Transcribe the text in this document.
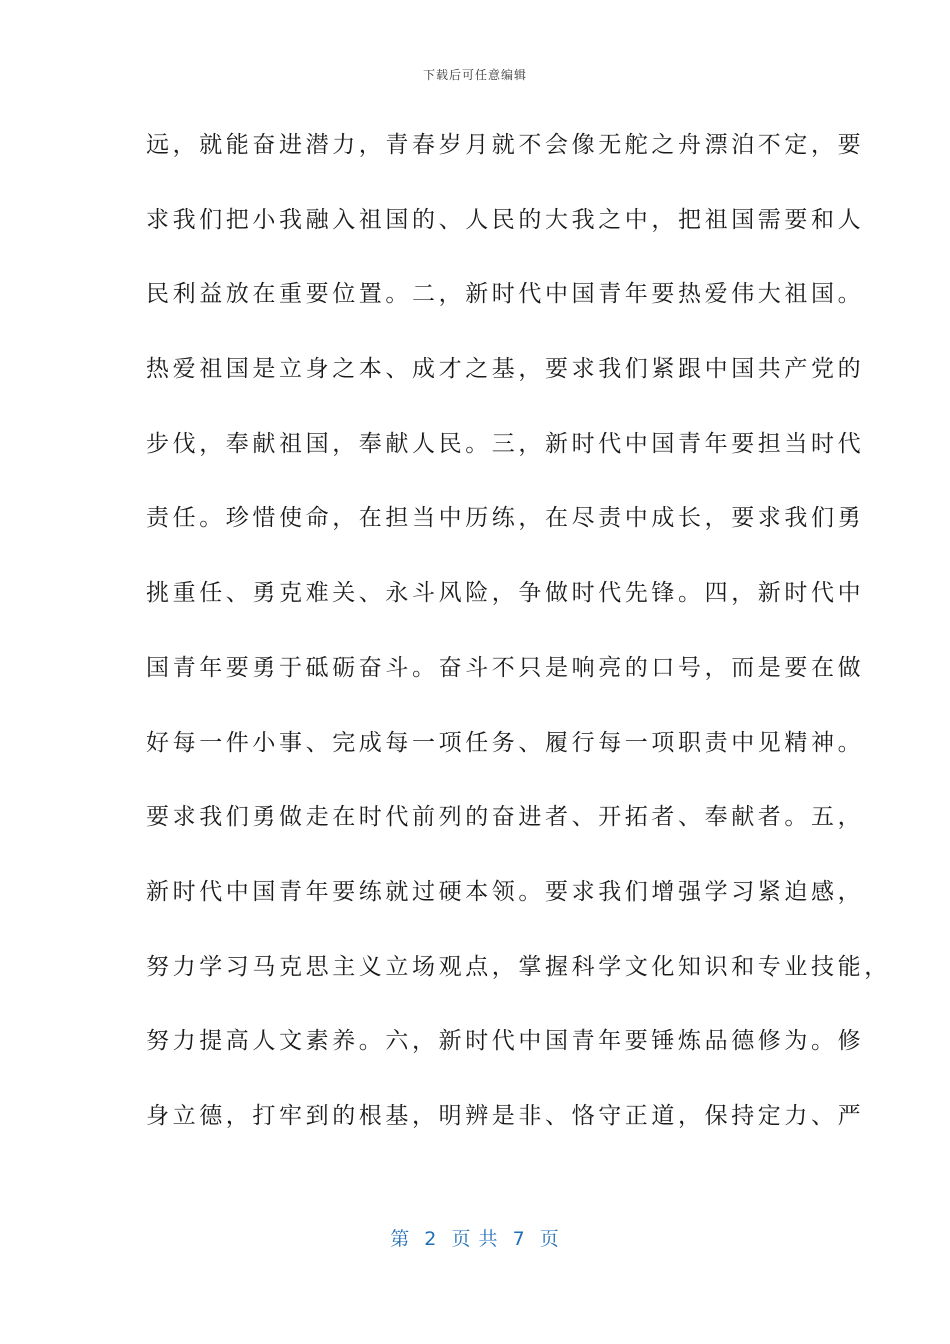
下载后可任意编辑
远，就能奋进潜力，青春岁月就不会像无舵之舟漂泊不定，要
求我们把小我融入祖国的、人民的大我之中，把祖国需要和人
民利益放在重要位置。二，新时代中国青年要热爱伟大祖国。
热爱祖国是立身之本、成才之基，要求我们紧跟中国共产党的
步伐，奉献祖国，奉献人民。三，新时代中国青年要担当时代
责任。珍惜使命，在担当中历练，在尽责中成长，要求我们勇
挑重任、勇克难关、永斗风险，争做时代先锋。四，新时代中
国青年要勇于砥砺奋斗。奋斗不只是响亮的口号，而是要在做
好每一件小事、完成每一项任务、履行每一项职责中见精神。
要求我们勇做走在时代前列的奋进者、开拓者、奉献者。五，
新时代中国青年要练就过硬本领。要求我们增强学习紧迫感，
努力学习马克思主义立场观点，掌握科学文化知识和专业技能，
努力提高人文素养。六，新时代中国青年要锤炼品德修为。修
身立德，打牢到的根基，明辨是非、恪守正道，保持定力、严
第  2  页 共  7  页
